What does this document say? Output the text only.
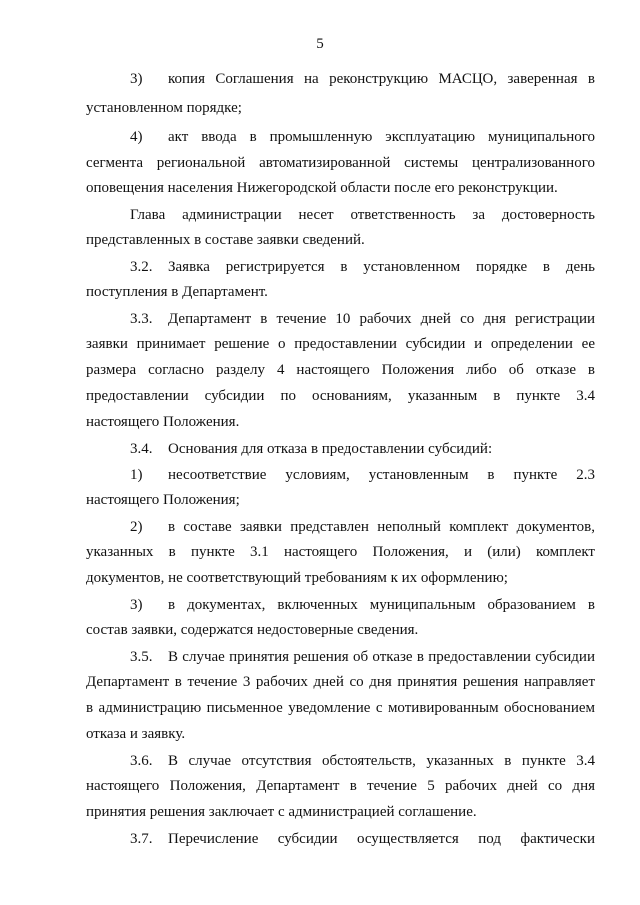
5
3) копия Соглашения на реконструкцию МАСЦО, заверенная в
установленном порядке;
4) акт ввода в промышленную эксплуатацию муниципального
сегмента региональной автоматизированной системы централизованного
оповещения населения Нижегородской области после его реконструкции.
Глава администрации несет ответственность за достоверность
представленных в составе заявки сведений.
3.2. Заявка регистрируется в установленном порядке в день
поступления в Департамент.
3.3. Департамент в течение 10 рабочих дней со дня регистрации
заявки принимает решение о предоставлении субсидии и определении ее
размера согласно разделу 4 настоящего Положения либо об отказе в
предоставлении субсидии по основаниям, указанным в пункте 3.4
настоящего Положения.
3.4. Основания для отказа в предоставлении субсидий:
1) несоответствие условиям, установленным в пункте 2.3
настоящего Положения;
2) в составе заявки представлен неполный комплект документов,
указанных в пункте 3.1 настоящего Положения, и (или) комплект
документов, не соответствующий требованиям к их оформлению;
3) в документах, включенных муниципальным образованием в
состав заявки, содержатся недостоверные сведения.
3.5. В случае принятия решения об отказе в предоставлении субсидии
Департамент в течение 3 рабочих дней со дня принятия решения направляет
в администрацию письменное уведомление с мотивированным обоснованием
отказа и заявку.
3.6. В случае отсутствия обстоятельств, указанных в пункте 3.4
настоящего Положения, Департамент в течение 5 рабочих дней со дня
принятия решения заключает с администрацией соглашение.
3.7. Перечисление субсидии осуществляется под фактически
